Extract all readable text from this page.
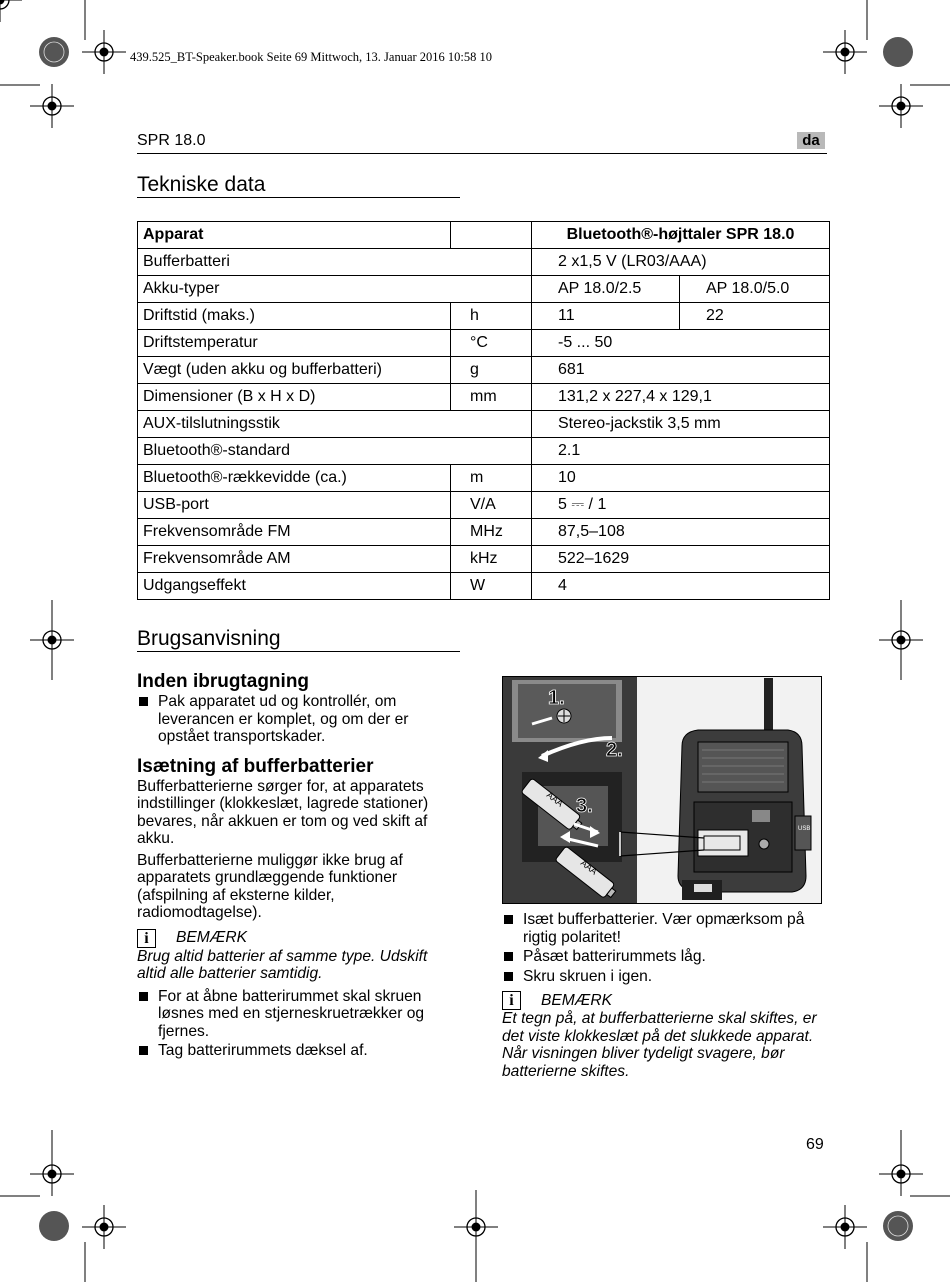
439.525_BT-Speaker.book Seite 69 Mittwoch, 13. Januar 2016 10:58 10
SPR 18.0	da
Tekniske data
Apparat		Bluetooth®-højttaler SPR 18.0	
Bufferbatteri		2 x1,5 V (LR03/AAA)	
Akku-typer		AP 18.0/2.5	AP 18.0/5.0
Driftstid (maks.)	h	11	22
Driftstemperatur	°C	-5 ... 50	
Vægt (uden akku og bufferbatteri)	g	681	
Dimensioner (B x H x D)	mm	131,2 x 227,4 x 129,1	
AUX-tilslutningsstik		Stereo-jackstik 3,5 mm	
Bluetooth®-standard		2.1	
Bluetooth®-rækkevidde (ca.)	m	10	
USB-port	V/A	5 ⎓ / 1	
Frekvensområde FM	MHz	87,5–108	
Frekvensområde AM	kHz	522–1629	
Udgangseffekt	W	4	
Brugsanvisning
Inden ibrugtagning
Pak apparatet ud og kontrollér, om leverancen er komplet, og om der er opstået transportskader.
Isætning af bufferbatterier
Bufferbatterierne sørger for, at apparatets indstillinger (klokkeslæt, lagrede stationer) bevares, når akkuen er tom og ved skift af akku.
Bufferbatterierne muliggør ikke brug af apparatets grundlæggende funktioner (afspilning af eksterne kilder, radiomodtagelse).
i	BEMÆRK
Brug altid batterier af samme type. Udskift altid alle batterier samtidig.
For at åbne batterirummet skal skruen løsnes med en stjerneskruetrækker og fjernes.
Tag batterirummets dæksel af.
AAA
AAA
1.
2.
3.
USB
Isæt bufferbatterier. Vær opmærksom på rigtig polaritet!
Påsæt batterirummets låg.
Skru skruen i igen.
i	BEMÆRK
Et tegn på, at bufferbatterierne skal skiftes, er det viste klokkeslæt på det slukkede apparat. Når visningen bliver tydeligt svagere, bør batterierne skiftes.
69
